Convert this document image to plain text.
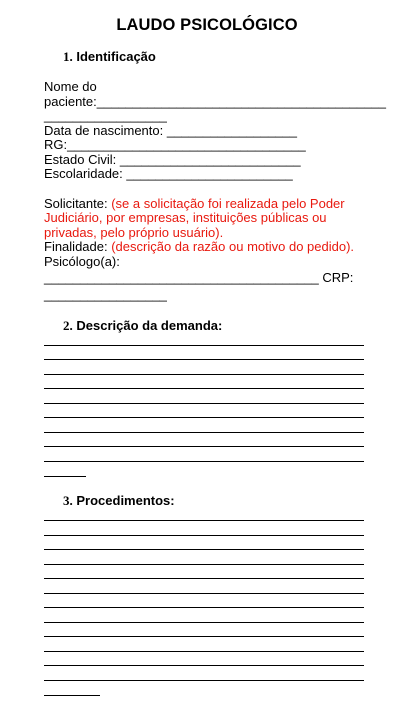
LAUDO PSICOLÓGICO
1. Identificação
Nome do
paciente:________________________________________
_________________
Data de nascimento: __________________
RG:_________________________________
Estado Civil: _________________________
Escolaridade: _______________________
Solicitante: (se a solicitação foi realizada pelo Poder
Judiciário, por empresas, instituições públicas ou
privadas, pelo próprio usuário).
Finalidade: (descrição da razão ou motivo do pedido).
Psicólogo(a):
______________________________________ CRP:
_________________
2. Descrição da demanda:
3. Procedimentos:
